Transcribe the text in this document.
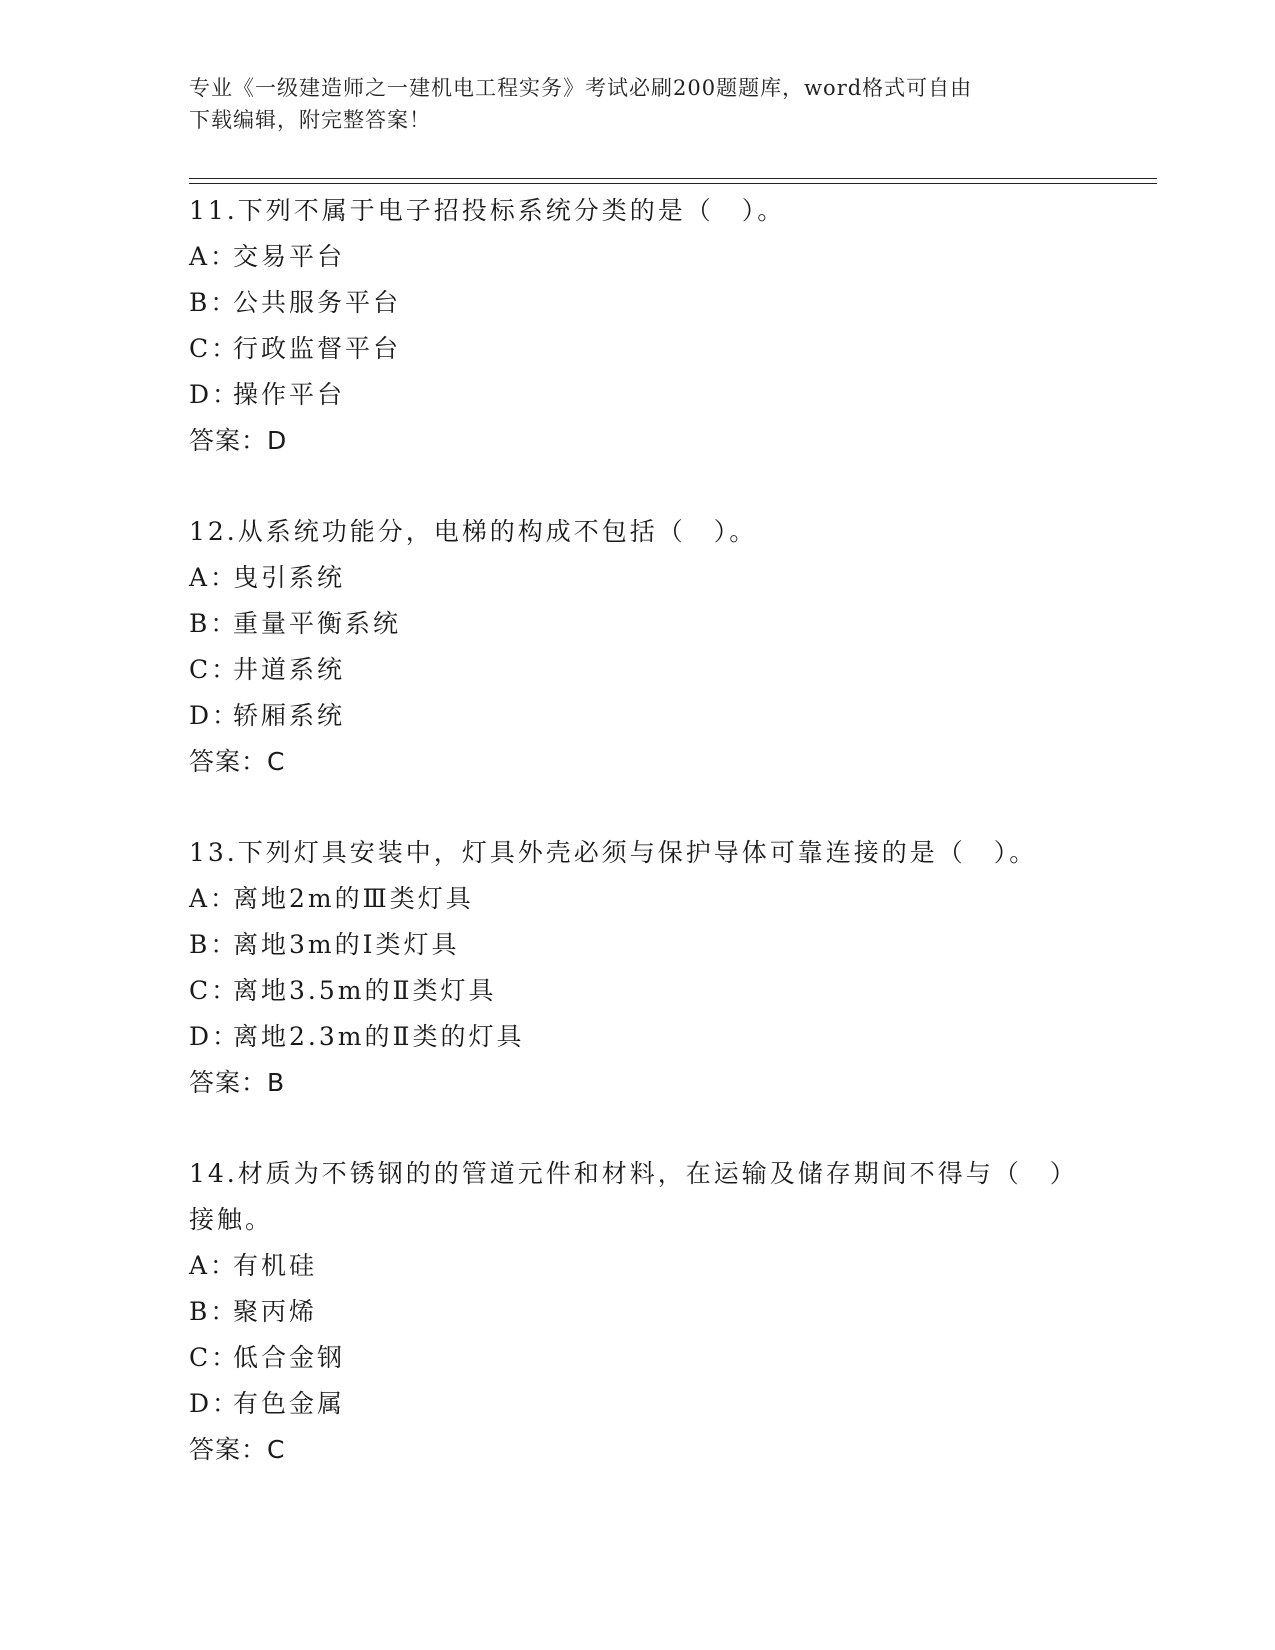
专业《一级建造师之一建机电工程实务》考试必刷200题题库，word格式可自由
下载编辑，附完整答案！
11.下列不属于电子招投标系统分类的是（　）。
A：交易平台
B：公共服务平台
C：行政监督平台
D：操作平台
答案：D
12.从系统功能分，电梯的构成不包括（　）。
A：曳引系统
B：重量平衡系统
C：井道系统
D：轿厢系统
答案：C
13.下列灯具安装中，灯具外壳必须与保护导体可靠连接的是（　）。
A：离地2m的Ⅲ类灯具
B：离地3m的Ⅰ类灯具
C：离地3.5m的Ⅱ类灯具
D：离地2.3m的Ⅱ类的灯具
答案：B
14.材质为不锈钢的的管道元件和材料，在运输及储存期间不得与（　）接触。
A：有机硅
B：聚丙烯
C：低合金钢
D：有色金属
答案：C
